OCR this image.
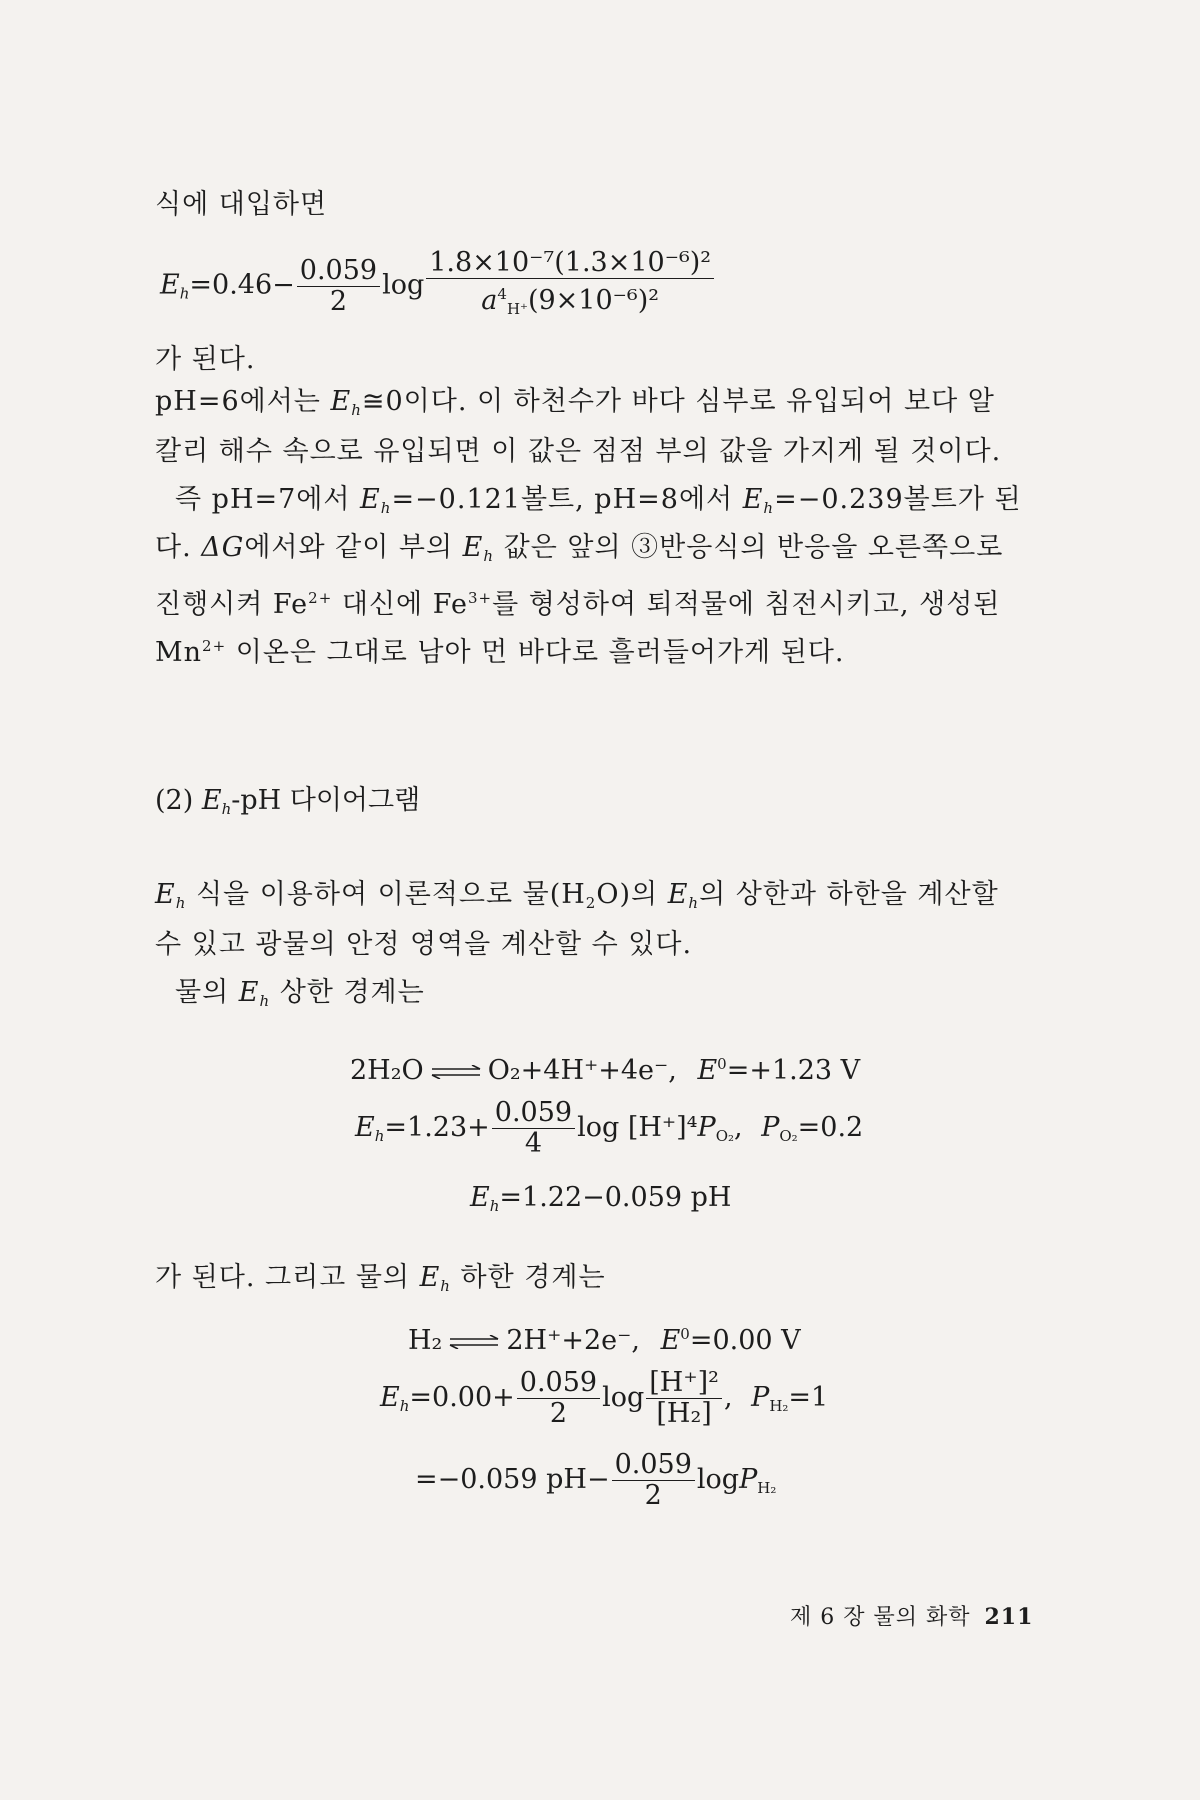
식에 대입하면
$E_h=0.46- \frac{0.059}{2}$ $\log \frac{\text{1.8×10⁻⁷(1.3×10⁻⁶)²}}{a^4H^+(9\times 10^{-6})^2}$
가 된다.
pH=6에서는 $E_h≅0$이다. 이 하천수가 바다 심부로 유입되어 보다 알
칼리 해수 속으로 유입되면 이 값은 점점 부의 값을 가지게 될 것이다.
즉 pH=7에서 $E_h=-0.121$볼트, pH=8에서 $E_h=-0.239$볼트가 된
다. ΔG에서와 같이 부의 $E_h$ 값은 앞의 ③반응식의 반응을 오른쪽으로
진행시켜 $Fe^{2+}$ 대신에 $Fe^{3+}$를 형성하여 퇴적물에 침전시키고, 생성된
$Mn^{2+}$ 이온은 그대로 남아 먼 바다로 흘러들어가게 된다.
(2) $E_h-pH$ 다이어그램
$E_h$ 식을 이용하여 이론적으로 물(H2O)의 $E_h$의 상한과 하한을 계산할
수 있고 광물의 안정 영역을 계산할 수 있다.
물의 $E_h$ 상한 경계는
2H₂O ⇌ O₂+4H⁺+4e⁻, $E^0=+1.23$ V
$E_h=1.23+ \frac{0.059}{4}$ log [H⁺]⁴PO₂, PO₂=0.2
$E_h=1.22-0.059$ pH
가 된다. 그리고 물의 $E_h$ 하한 경계는
H₂ ⇌ 2H⁺+2e⁻, $E^0=0.00$ V
$E_h=0.00+ \frac{0.059}{2}$ $\log \frac{\text{[H⁺]²}}{\text{[H₂]}}$ , PH₂=1
=−0.059 $pH- \frac{0.059}{2}$ logPH₂
제 6 장 물의 화학 211
